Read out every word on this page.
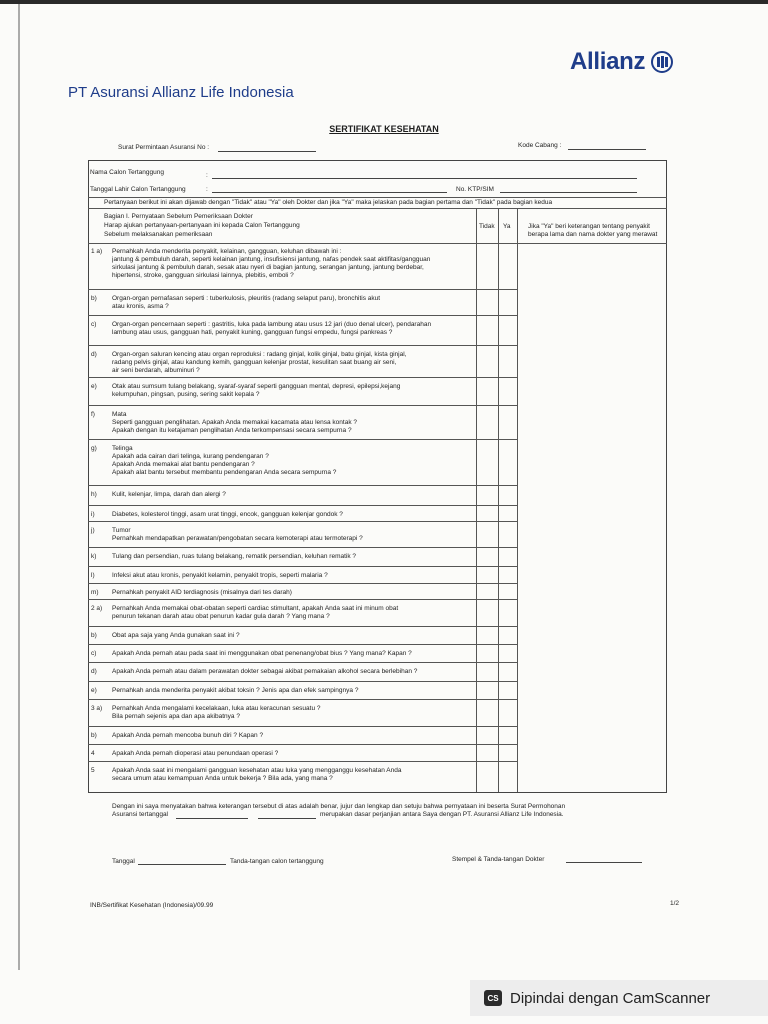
Allianz
PT Asuransi Allianz Life Indonesia
SERTIFIKAT KESEHATAN
Surat Permintaan Asuransi No :	Kode Cabang :
Nama Calon Tertanggung	:
Tanggal Lahir Calon Tertanggung	:	No. KTP/SIM
Pertanyaan berikut ini akan dijawab dengan "Tidak" atau "Ya" oleh Dokter dan jika "Ya" maka jelaskan pada bagian pertama dan "Tidak" pada bagian kedua
Bagian I. Pernyataan Sebelum Pemeriksaan Dokter
Harap ajukan pertanyaan-pertanyaan ini kepada Calon Tertanggung
Sebelum melaksanakan pemeriksaan
Tidak Ya	Jika "Ya" beri keterangan tentang penyakit
berapa lama dan nama dokter yang merawat
1 a) Pernahkah Anda menderita penyakit, kelainan, gangguan, keluhan dibawah ini :
jantung & pembuluh darah, seperti kelainan jantung, insufisiensi jantung, nafas pendek saat aktifitas/gangguan
sirkulasi jantung & pembuluh darah, sesak atau nyeri di bagian jantung, serangan jantung, jantung berdebar,
hipertensi, stroke, gangguan sirkulasi lainnya, plebitis, emboli ?
b) Organ-organ pernafasan seperti : tuberkulosis, pleuritis (radang selaput paru), bronchitis akut
atau kronis, asma ?
c) Organ-organ pencernaan seperti : gastritis, luka pada lambung atau usus 12 jari (duo denal ulcer), pendarahan
lambung atau usus, gangguan hati, penyakit kuning, gangguan fungsi empedu, fungsi pankreas ?
d) Organ-organ saluran kencing atau organ reproduksi : radang ginjal, kolik ginjal, batu ginjal, kista ginjal,
radang pelvis ginjal, atau kandung kemih, gangguan kelenjar prostat, kesulitan saat buang air seni,
air seni berdarah, albuminuri ?
e) Otak atau sumsum tulang belakang, syaraf-syaraf seperti gangguan mental, depresi, epilepsi,kejang
kelumpuhan, pingsan, pusing, sering sakit kepala ?
f)	Mata
Seperti gangguan penglihatan. Apakah Anda memakai kacamata atau lensa kontak ?
Apakah dengan itu ketajaman penglihatan Anda terkompensasi secara sempurna ?
g) Telinga
Apakah ada cairan dari telinga, kurang pendengaran ?
Apakah Anda memakai alat bantu pendengaran ?
Apakah alat bantu tersebut membantu pendengaran Anda secara sempurna ?
h) Kulit, kelenjar, limpa, darah dan alergi ?
i)	Diabetes, kolesterol tinggi, asam urat tinggi, encok, gangguan kelenjar gondok ?
j)	Tumor
Pernahkah mendapatkan perawatan/pengobatan secara kemoterapi atau termoterapi ?
k) Tulang dan persendian, ruas tulang belakang, rematik persendian, keluhan rematik ?
l)	Infeksi akut atau kronis, penyakit kelamin, penyakit tropis, seperti malaria ?
m) Pernahkah penyakit AID terdiagnosis (misalnya dari tes darah)
2 a) Pernahkah Anda memakai obat-obatan seperti cardiac stimultant, apakah Anda saat ini minum obat
penurun tekanan darah atau obat penurun kadar gula darah ? Yang mana ?
b) Obat apa saja yang Anda gunakan saat ini ?
c) Apakah Anda pernah atau pada saat ini menggunakan obat penenang/obat bius ? Yang mana? Kapan ?
d) Apakah Anda pernah atau dalam perawatan dokter sebagai akibat pemakaian alkohol secara berlebihan ?
e) Pernahkah anda menderita penyakit akibat toksin ? Jenis apa dan efek sampingnya ?
3 a) Pernahkah Anda mengalami kecelakaan, luka atau keracunan sesuatu ?
Bila pernah sejenis apa dan apa akibatnya ?
b) Apakah Anda pernah mencoba bunuh diri ? Kapan ?
4	Apakah Anda pernah dioperasi atau penundaan operasi ?
5	Apakah Anda saat ini mengalami gangguan kesehatan atau luka yang mengganggu kesehatan Anda
secara umum atau kemampuan Anda untuk bekerja ? Bila ada, yang mana ?
Dengan ini saya menyatakan bahwa keterangan tersebut di atas adalah benar, jujur dan lengkap dan setuju bahwa pernyataan ini beserta Surat Permohonan
Asuransi tertanggal	merupakan dasar perjanjian antara Saya dengan PT. Asuransi Allianz Life Indonesia.
Tanggal	Tanda-tangan calon tertanggung	Stempel & Tanda-tangan Dokter
INB/Sertifikat Kesehatan (Indonesia)/09.99	1/2
CS Dipindai dengan CamScanner
